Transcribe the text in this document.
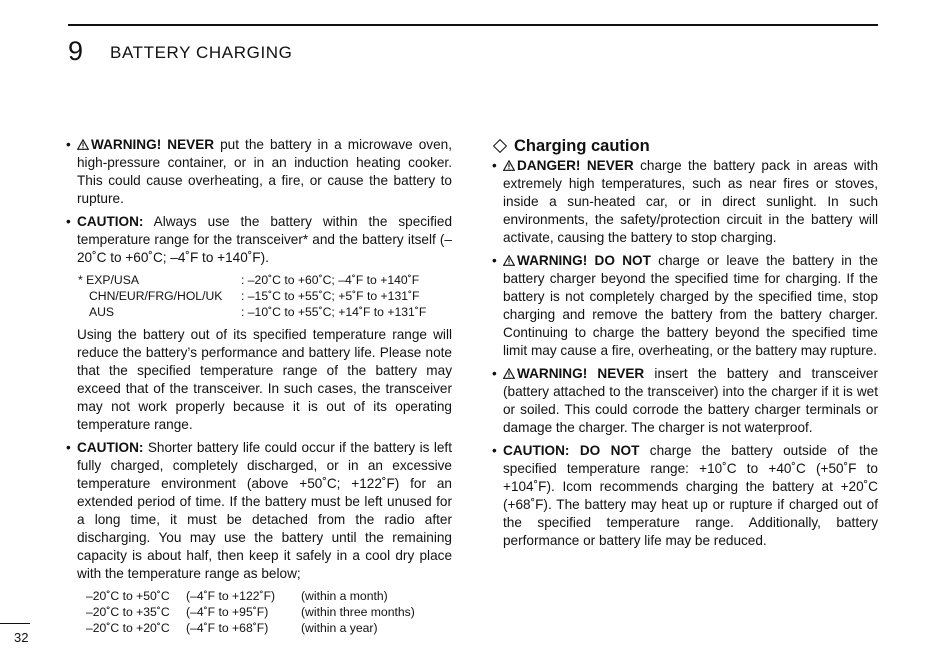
9 BATTERY CHARGING
• WARNING! NEVER put the battery in a microwave oven, high-pressure container, or in an induction heating cooker. This could cause overheating, a fire, or cause the battery to rupture.
• CAUTION: Always use the battery within the specified temperature range for the transceiver* and the battery itself (–20˚C to +60˚C; –4˚F to +140˚F).
* EXP/USA	: –20˚C to +60˚C; –4˚F to +140˚F
CHN/EUR/FRG/HOL/UK	: –15˚C to +55˚C; +5˚F to +131˚F
AUS	: –10˚C to +55˚C; +14˚F to +131˚F
Using the battery out of its specified temperature range will reduce the battery’s performance and battery life. Please note that the specified temperature range of the battery may exceed that of the transceiver. In such cases, the transceiver may not work properly because it is out of its operating temperature range.
• CAUTION: Shorter battery life could occur if the battery is left fully charged, completely discharged, or in an excessive temperature environment (above +50˚C; +122˚F) for an extended period of time. If the battery must be left unused for a long time, it must be detached from the radio after discharging. You may use the battery until the remaining capacity is about half, then keep it safely in a cool dry place with the temperature range as below;
–20˚C to +50˚C	(–4˚F to +122˚F)	(within a month)
–20˚C to +35˚C	(–4˚F to +95˚F)	(within three months)
–20˚C to +20˚C	(–4˚F to +68˚F)	(within a year)
Charging caution
• DANGER! NEVER charge the battery pack in areas with extremely high temperatures, such as near fires or stoves, inside a sun-heated car, or in direct sunlight. In such environments, the safety/protection circuit in the battery will activate, causing the battery to stop charging.
• WARNING! DO NOT charge or leave the battery in the battery charger beyond the specified time for charging. If the battery is not completely charged by the specified time, stop charging and remove the battery from the battery charger. Continuing to charge the battery beyond the specified time limit may cause a fire, overheating, or the battery may rupture.
• WARNING! NEVER insert the battery and transceiver (battery attached to the transceiver) into the charger if it is wet or soiled. This could corrode the battery charger terminals or damage the charger. The charger is not waterproof.
• CAUTION: DO NOT charge the battery outside of the specified temperature range: +10˚C to +40˚C (+50˚F to +104˚F). Icom recommends charging the battery at +20˚C (+68˚F). The battery may heat up or rupture if charged out of the specified temperature range. Additionally, battery performance or battery life may be reduced.
32
